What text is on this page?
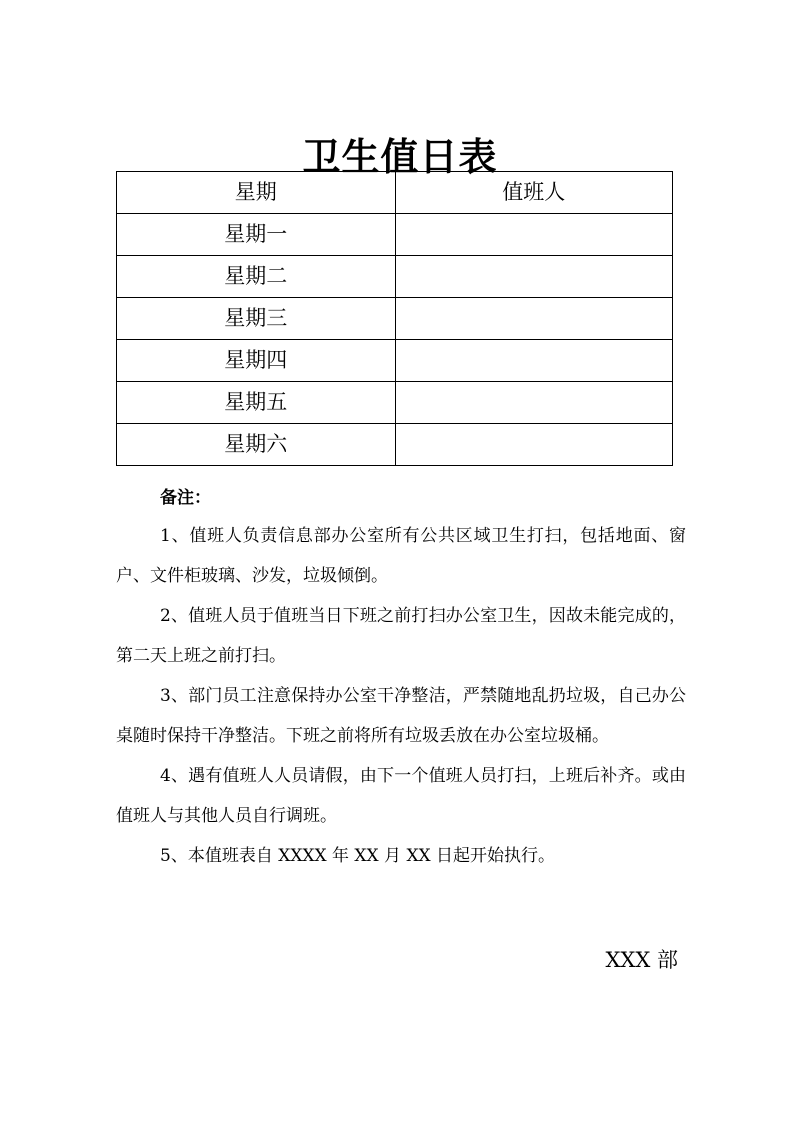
卫生值日表
星期	值班人
星期一	
星期二	
星期三	
星期四	
星期五	
星期六	

备注：

1、值班人负责信息部办公室所有公共区域卫生打扫，包括地面、窗户、文件柜玻璃、沙发，垃圾倾倒。

2、值班人员于值班当日下班之前打扫办公室卫生，因故未能完成的，第二天上班之前打扫。

3、部门员工注意保持办公室干净整洁，严禁随地乱扔垃圾，自己办公桌随时保持干净整洁。下班之前将所有垃圾丢放在办公室垃圾桶。

4、遇有值班人人员请假，由下一个值班人员打扫，上班后补齐。或由值班人与其他人员自行调班。

5、本值班表自 XXXX 年 XX 月 XX 日起开始执行。

XXX 部
